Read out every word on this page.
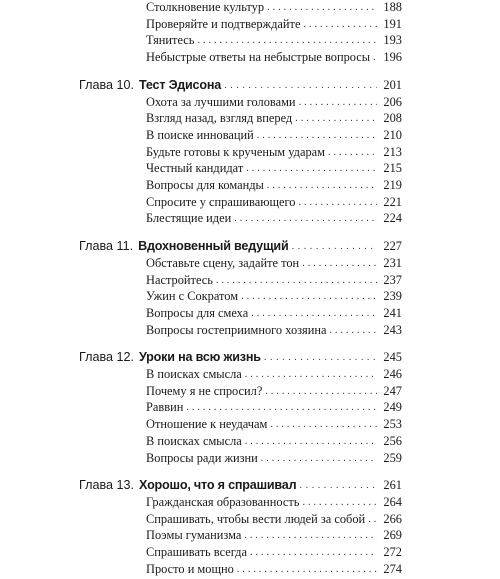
Столкновение культур . . .	188
Проверяйте и подтверждайте . . .	191
Тянитесь . . .	193
Небыстрые ответы на небыстрые вопросы . . . 196
Глава 10. Тест Эдисона . . .	201
Охота за лучшими головами . . .	206
Взгляд назад, взгляд вперед . . .	208
В поиске инноваций . . .	210
Будьте готовы к крученым ударам . . .	213
Честный кандидат . . .	215
Вопросы для команды . . .	219
Спросите у спрашивающего . . .	221
Блестящие идеи . . .	224
Глава 11. Вдохновенный ведущий . . .	227
Обставьте сцену, задайте тон . . .	231
Настройтесь . . .	237
Ужин с Сократом . . .	239
Вопросы для смеха . . .	241
Вопросы гостеприимного хозяина . . .	243
Глава 12. Уроки на всю жизнь . . .	245
В поисках смысла . . .	246
Почему я не спросил? . . .	247
Раввин . . .	249
Отношение к неудачам . . .	253
В поисках смысла . . .	256
Вопросы ради жизни . . .	259
Глава 13. Хорошо, что я спрашивал . . .	261
Гражданская образованность . . .	264
Спрашивать, чтобы вести людей за собой . . . 266
Поэмы гуманизма . . .	269
Спрашивать всегда . . .	272
Просто и мощно . . .	274
